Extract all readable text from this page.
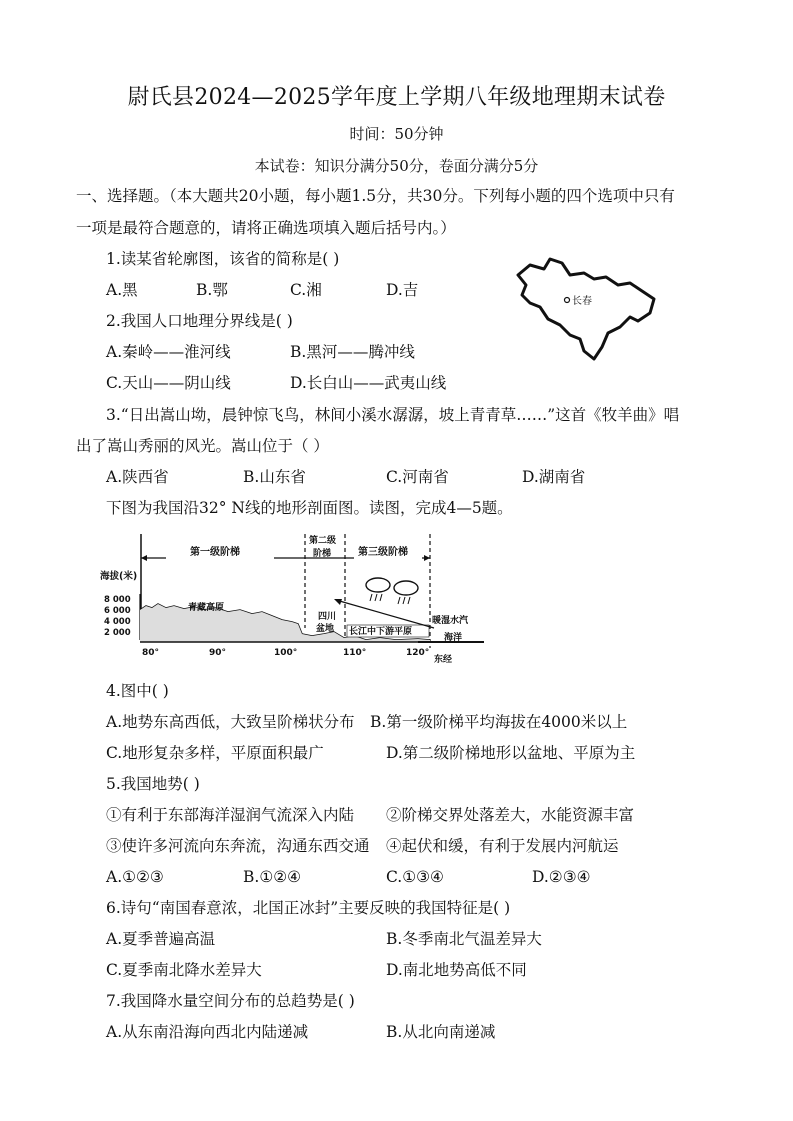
尉氏县2024—2025学年度上学期八年级地理期末试卷
时间：50分钟
本试卷：知识分满分50分，卷面分满分5分
一、选择题。（本大题共20小题，每小题1.5分，共30分。下列每小题的四个选项中只有
一项是最符合题意的，请将正确选项填入题后括号内。）
1.读某省轮廓图，该省的简称是( )
A.黑	B.鄂	C.湘	D.吉
长春
2.我国人口地理分界线是( )
A.秦岭——淮河线	B.黑河——腾冲线
C.天山——阴山线	D.长白山——武夷山线
3.“日出嵩山坳，晨钟惊飞鸟，林间小溪水潺潺，坡上青青草……”这首《牧羊曲》唱
出了嵩山秀丽的风光。嵩山位于（ ）
A.陕西省	B.山东省	C.河南省	D.湖南省
下图为我国沿32° N线的地形剖面图。读图，完成4—5题。
第一级阶梯
第二级
阶梯	第三级阶梯
海拔(米)
8 000
6 000
4 000
2 000
青藏高原
四川
盆地 长江中下游平原
暖湿水汽
海洋
80°	90°	100°	110°	120°
东经
4.图中( )
A.地势东高西低，大致呈阶梯状分布 B.第一级阶梯平均海拔在4000米以上
C.地形复杂多样，平原面积最广	D.第二级阶梯地形以盆地、平原为主
5.我国地势( )
①有利于东部海洋湿润气流深入内陆 ②阶梯交界处落差大，水能资源丰富
③使许多河流向东奔流，沟通东西交通 ④起伏和缓，有利于发展内河航运
A.①②③	B.①②④	C.①③④	D.②③④
6.诗句“南国春意浓，北国正冰封”主要反映的我国特征是( )
A.夏季普遍高温	B.冬季南北气温差异大
C.夏季南北降水差异大	D.南北地势高低不同
7.我国降水量空间分布的总趋势是( )
A.从东南沿海向西北内陆递减	B.从北向南递减
